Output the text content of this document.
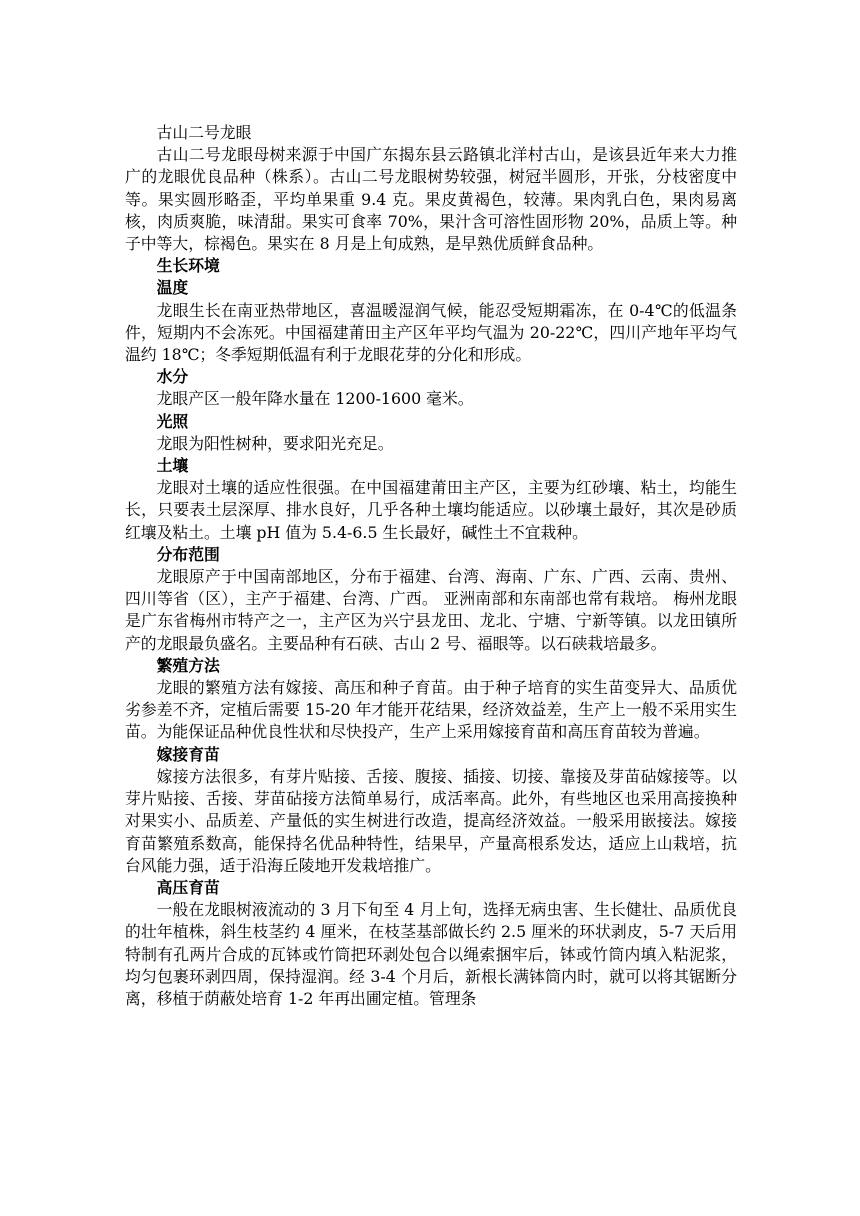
古山二号龙眼

古山二号龙眼母树来源于中国广东揭东县云路镇北洋村古山，是该县近年来大力推广的龙眼优良品种（株系）。古山二号龙眼树势较强，树冠半圆形，开张，分枝密度中等。果实圆形略歪，平均单果重 9.4 克。果皮黄褐色，较薄。果肉乳白色，果肉易离核，肉质爽脆，味清甜。果实可食率 70%，果汁含可溶性固形物 20%，品质上等。种子中等大，棕褐色。果实在 8 月是上旬成熟，是早熟优质鲜食品种。

生长环境
温度

龙眼生长在南亚热带地区，喜温暖湿润气候，能忍受短期霜冻，在 0-4℃的低温条件，短期内不会冻死。中国福建莆田主产区年平均气温为 20-22℃，四川产地年平均气温约 18℃；冬季短期低温有利于龙眼花芽的分化和形成。

水分

龙眼产区一般年降水量在 1200-1600 毫米。

光照

龙眼为阳性树种，要求阳光充足。

土壤

龙眼对土壤的适应性很强。在中国福建莆田主产区，主要为红砂壤、粘土，均能生长，只要表土层深厚、排水良好，几乎各种土壤均能适应。以砂壤土最好，其次是砂质红壤及粘土。土壤 pH 值为 5.4-6.5 生长最好，碱性土不宜栽种。

分布范围

龙眼原产于中国南部地区，分布于福建、台湾、海南、广东、广西、云南、贵州、四川等省（区），主产于福建、台湾、广西。 亚洲南部和东南部也常有栽培。 梅州龙眼是广东省梅州市特产之一，主产区为兴宁县龙田、龙北、宁塘、宁新等镇。以龙田镇所产的龙眼最负盛名。主要品种有石硖、古山 2 号、福眼等。以石硖栽培最多。

繁殖方法

龙眼的繁殖方法有嫁接、高压和种子育苗。由于种子培育的实生苗变异大、品质优劣参差不齐，定植后需要 15-20 年才能开花结果，经济效益差，生产上一般不采用实生苗。为能保证品种优良性状和尽快投产，生产上采用嫁接育苗和高压育苗较为普遍。

嫁接育苗

嫁接方法很多，有芽片贴接、舌接、腹接、插接、切接、靠接及芽苗砧嫁接等。以芽片贴接、舌接、芽苗砧接方法简单易行，成活率高。此外，有些地区也采用高接换种对果实小、品质差、产量低的实生树进行改造，提高经济效益。一般采用嵌接法。嫁接育苗繁殖系数高，能保持名优品种特性，结果早，产量高根系发达，适应上山栽培，抗台风能力强，适于沿海丘陵地开发栽培推广。

高压育苗

一般在龙眼树液流动的 3 月下旬至 4 月上旬，选择无病虫害、生长健壮、品质优良的壮年植株，斜生枝茎约 4 厘米，在枝茎基部做长约 2.5 厘米的环状剥皮，5-7 天后用特制有孔两片合成的瓦钵或竹筒把环剥处包合以绳索捆牢后，钵或竹筒内填入粘泥浆，均匀包裹环剥四周，保持湿润。经 3-4 个月后，新根长满钵筒内时，就可以将其锯断分离，移植于荫蔽处培育 1-2 年再出圃定植。管理条
